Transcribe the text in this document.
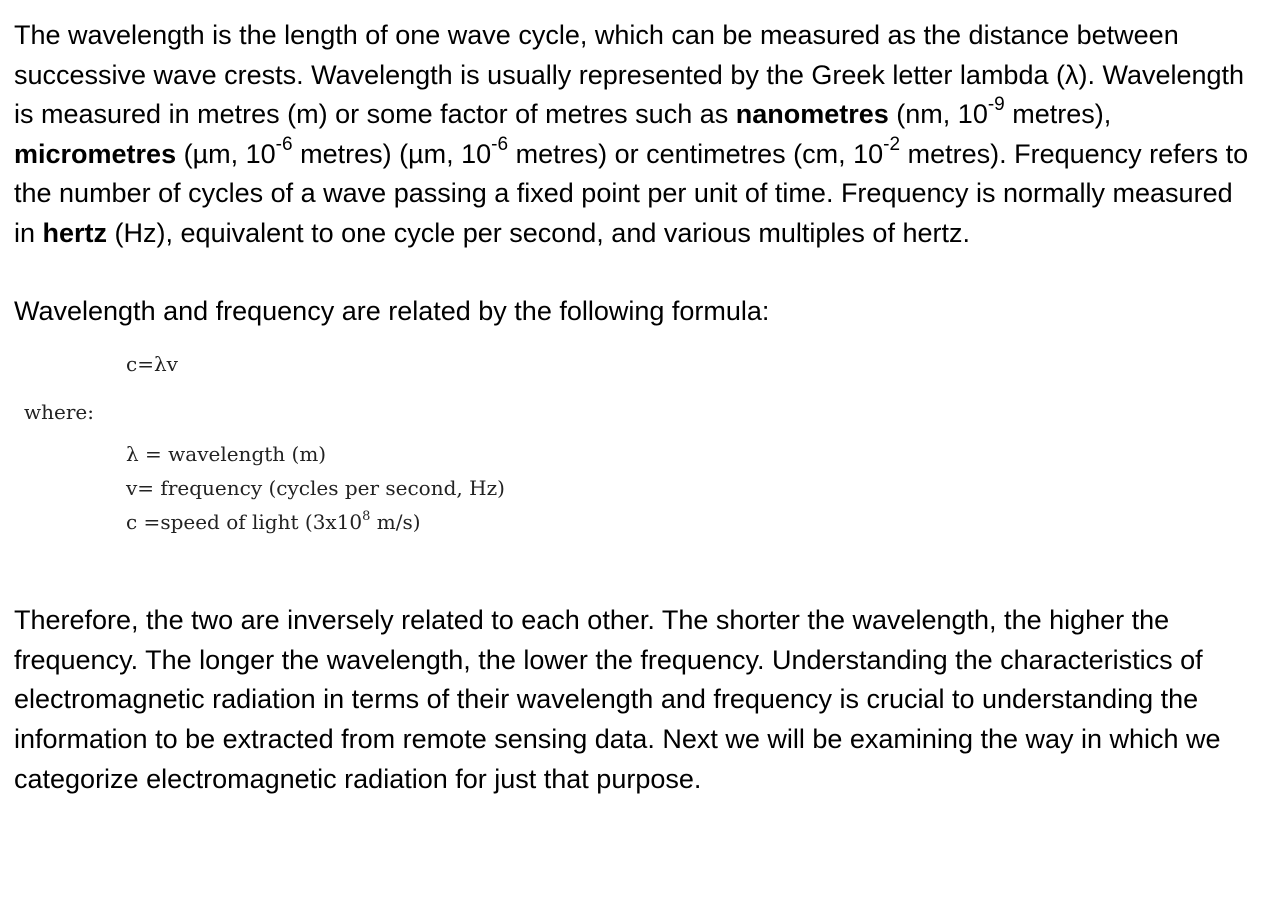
The wavelength is the length of one wave cycle, which can be measured as the distance between successive wave crests. Wavelength is usually represented by the Greek letter lambda (λ). Wavelength is measured in metres (m) or some factor of metres such as nanometres (nm, $10^{-9}$ metres), micrometres (µm, $10^{-6}$ metres) (µm, $10^{-6}$ metres) or centimetres (cm, $10^{-2}$ metres). Frequency refers to the number of cycles of a wave passing a fixed point per unit of time. Frequency is normally measured in hertz (Hz), equivalent to one cycle per second, and various multiples of hertz.

Wavelength and frequency are related by the following formula:

c=λv
where:
λ = wavelength (m)
v= frequency (cycles per second, Hz)
c =speed of light ($3x10^8$ m/s)

Therefore, the two are inversely related to each other. The shorter the wavelength, the higher the frequency. The longer the wavelength, the lower the frequency. Understanding the characteristics of electromagnetic radiation in terms of their wavelength and frequency is crucial to understanding the information to be extracted from remote sensing data. Next we will be examining the way in which we categorize electromagnetic radiation for just that purpose.
